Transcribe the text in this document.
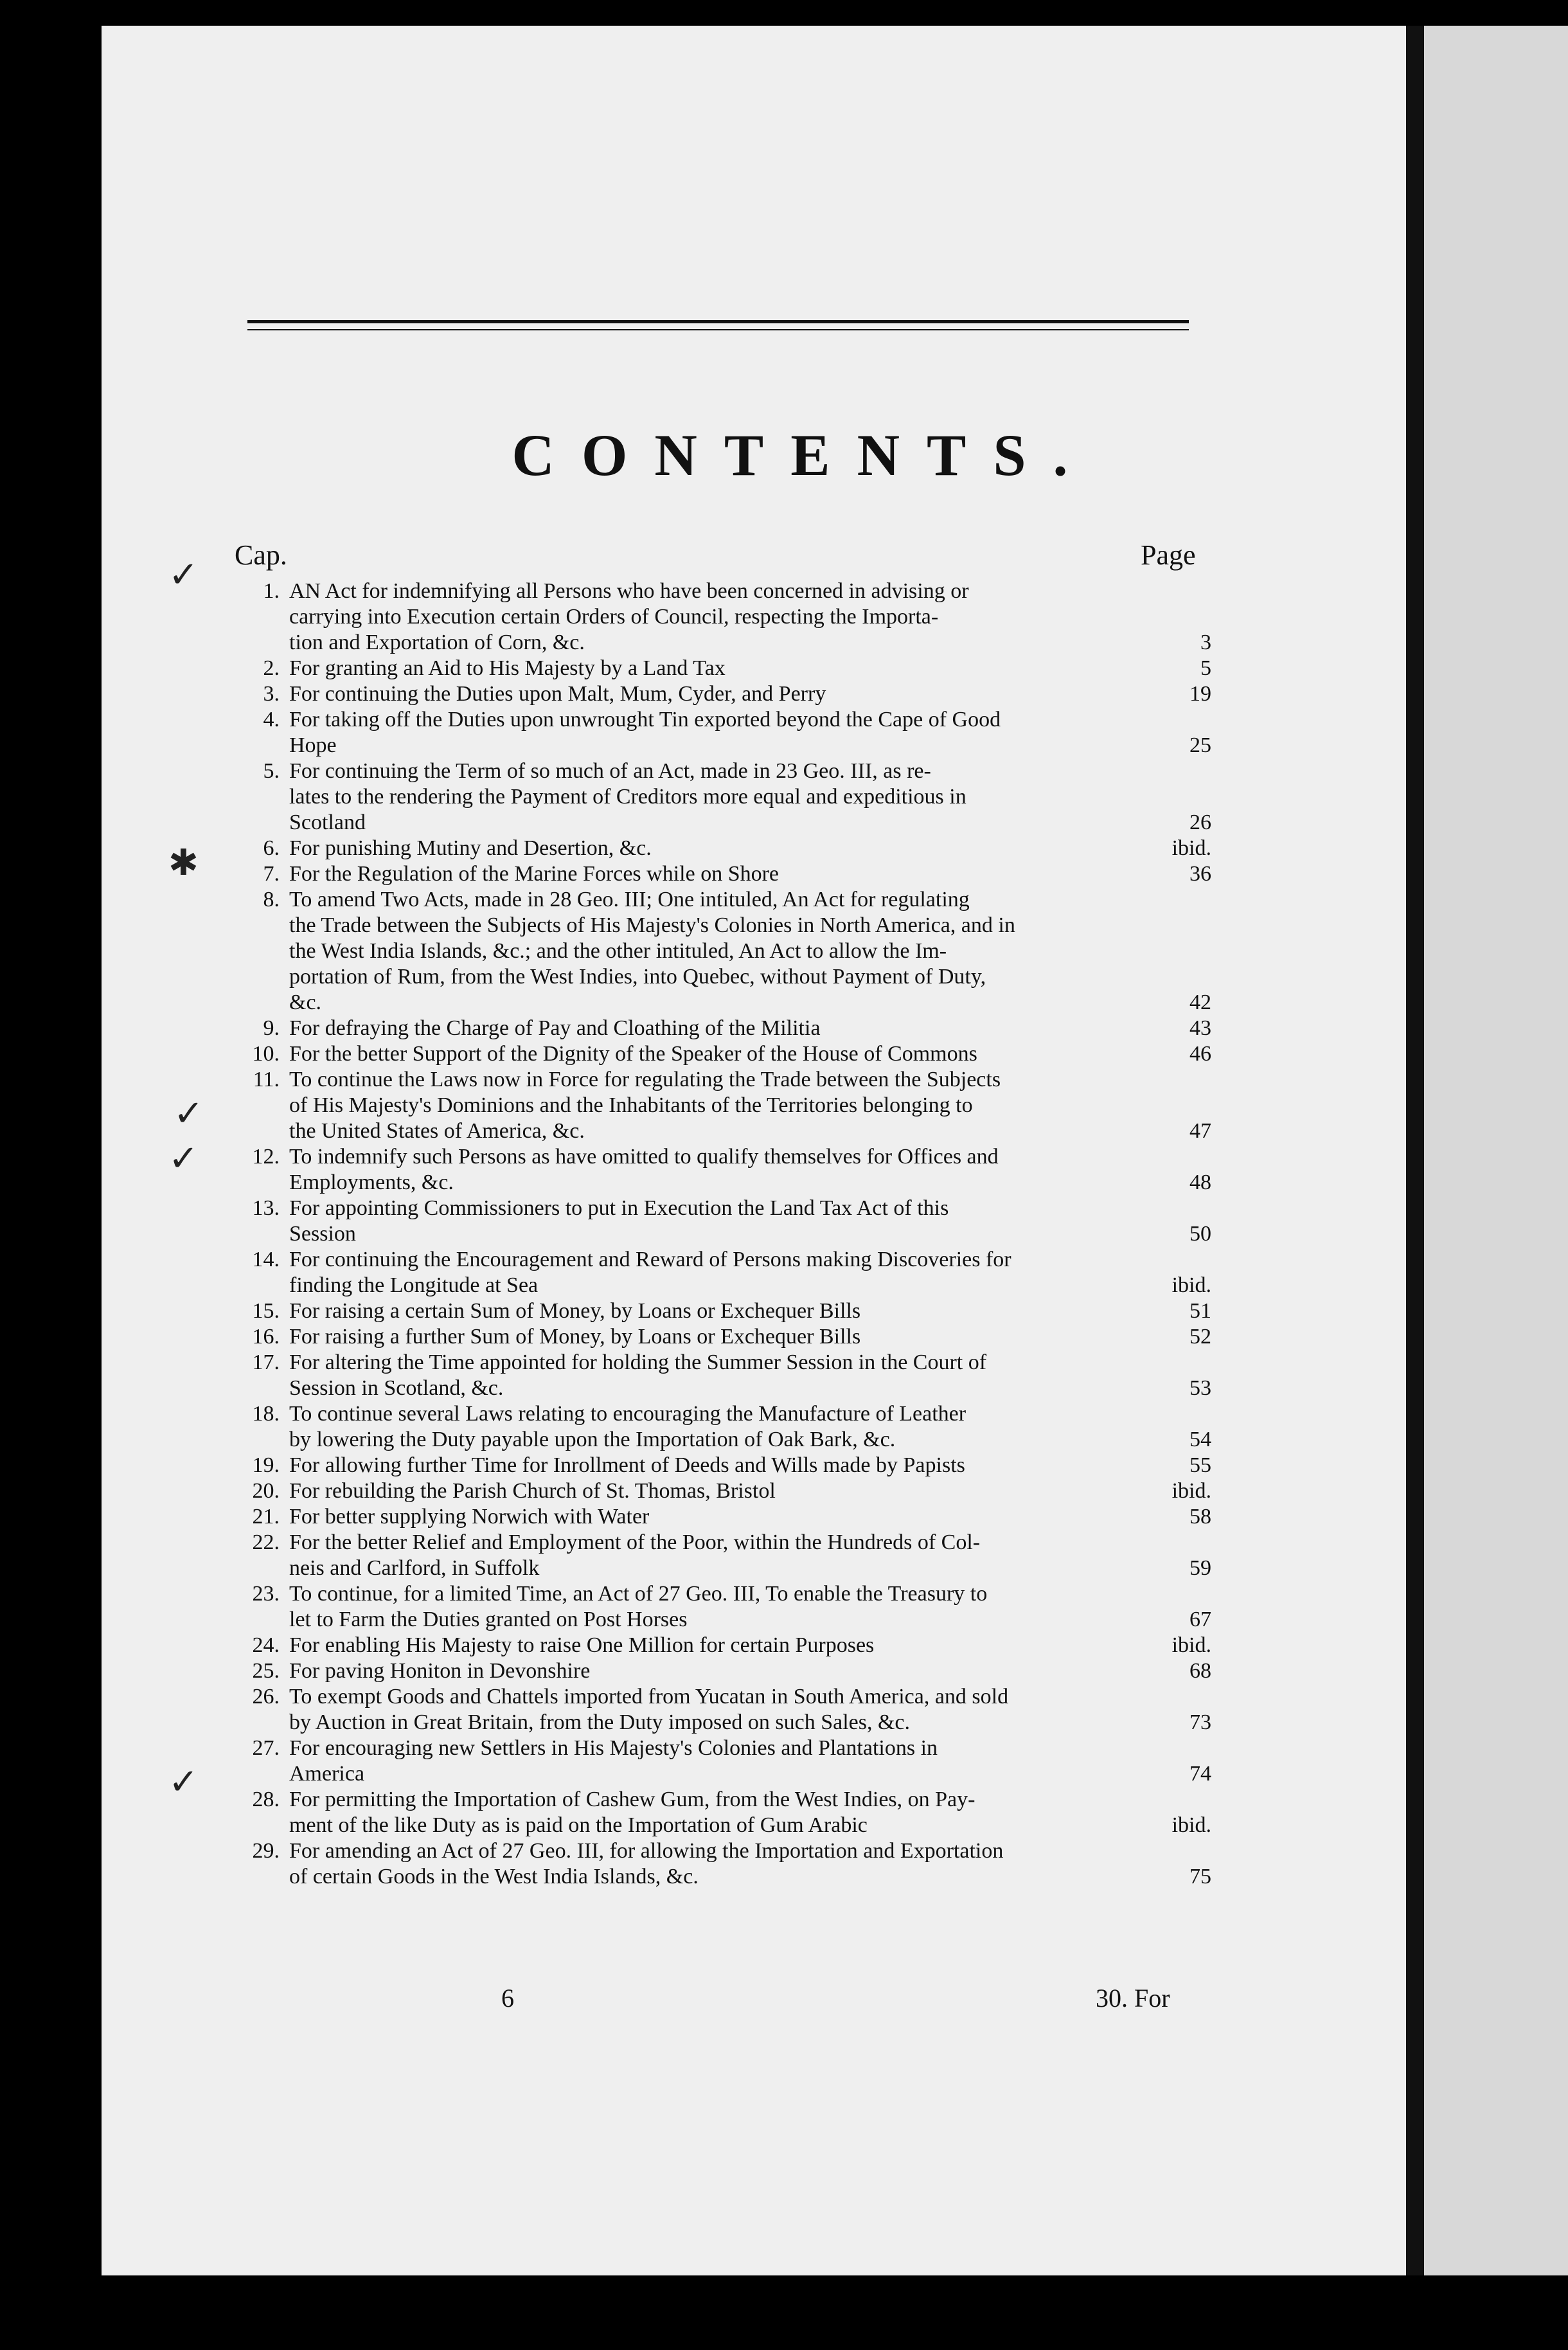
CONTENTS.
Cap.	Page
1. AN Act for indemnifying all Persons who have been concerned in advising or
carrying into Execution certain Orders of Council, respecting the Importa-
tion and Exportation of Corn, &c.	3
2. For granting an Aid to His Majesty by a Land Tax	5
3. For continuing the Duties upon Malt, Mum, Cyder, and Perry	19
4. For taking off the Duties upon unwrought Tin exported beyond the Cape of Good
Hope	25
5. For continuing the Term of so much of an Act, made in 23 Geo. III, as re-
lates to the rendering the Payment of Creditors more equal and expeditious in
Scotland	26
6. For punishing Mutiny and Desertion, &c.	ibid.
7. For the Regulation of the Marine Forces while on Shore	36
8. To amend Two Acts, made in 28 Geo. III; One intituled, An Act for regulating
the Trade between the Subjects of His Majesty's Colonies in North America, and in
the West India Islands, &c.; and the other intituled, An Act to allow the Im-
portation of Rum, from the West Indies, into Quebec, without Payment of Duty,
&c.	42
9. For defraying the Charge of Pay and Cloathing of the Militia	43
10. For the better Support of the Dignity of the Speaker of the House of Commons	46
11. To continue the Laws now in Force for regulating the Trade between the Subjects
of His Majesty's Dominions and the Inhabitants of the Territories belonging to
the United States of America, &c.	47
12. To indemnify such Persons as have omitted to qualify themselves for Offices and
Employments, &c.	48
13. For appointing Commissioners to put in Execution the Land Tax Act of this
Session	50
14. For continuing the Encouragement and Reward of Persons making Discoveries for
finding the Longitude at Sea	ibid.
15. For raising a certain Sum of Money, by Loans or Exchequer Bills	51
16. For raising a further Sum of Money, by Loans or Exchequer Bills	52
17. For altering the Time appointed for holding the Summer Session in the Court of
Session in Scotland, &c.	53
18. To continue several Laws relating to encouraging the Manufacture of Leather
by lowering the Duty payable upon the Importation of Oak Bark, &c.	54
19. For allowing further Time for Inrollment of Deeds and Wills made by Papists	55
20. For rebuilding the Parish Church of St. Thomas, Bristol	ibid.
21. For better supplying Norwich with Water	58
22. For the better Relief and Employment of the Poor, within the Hundreds of Col-
neis and Carlford, in Suffolk	59
23. To continue, for a limited Time, an Act of 27 Geo. III, To enable the Treasury to
let to Farm the Duties granted on Post Horses	67
24. For enabling His Majesty to raise One Million for certain Purposes	ibid.
25. For paving Honiton in Devonshire	68
26. To exempt Goods and Chattels imported from Yucatan in South America, and sold
by Auction in Great Britain, from the Duty imposed on such Sales, &c.	73
27. For encouraging new Settlers in His Majesty's Colonies and Plantations in
America	74
28. For permitting the Importation of Cashew Gum, from the West Indies, on Pay-
ment of the like Duty as is paid on the Importation of Gum Arabic	ibid.
29. For amending an Act of 27 Geo. III, for allowing the Importation and Exportation
of certain Goods in the West India Islands, &c.	75
✓
✱
✓
✓
✓
6	30. For
